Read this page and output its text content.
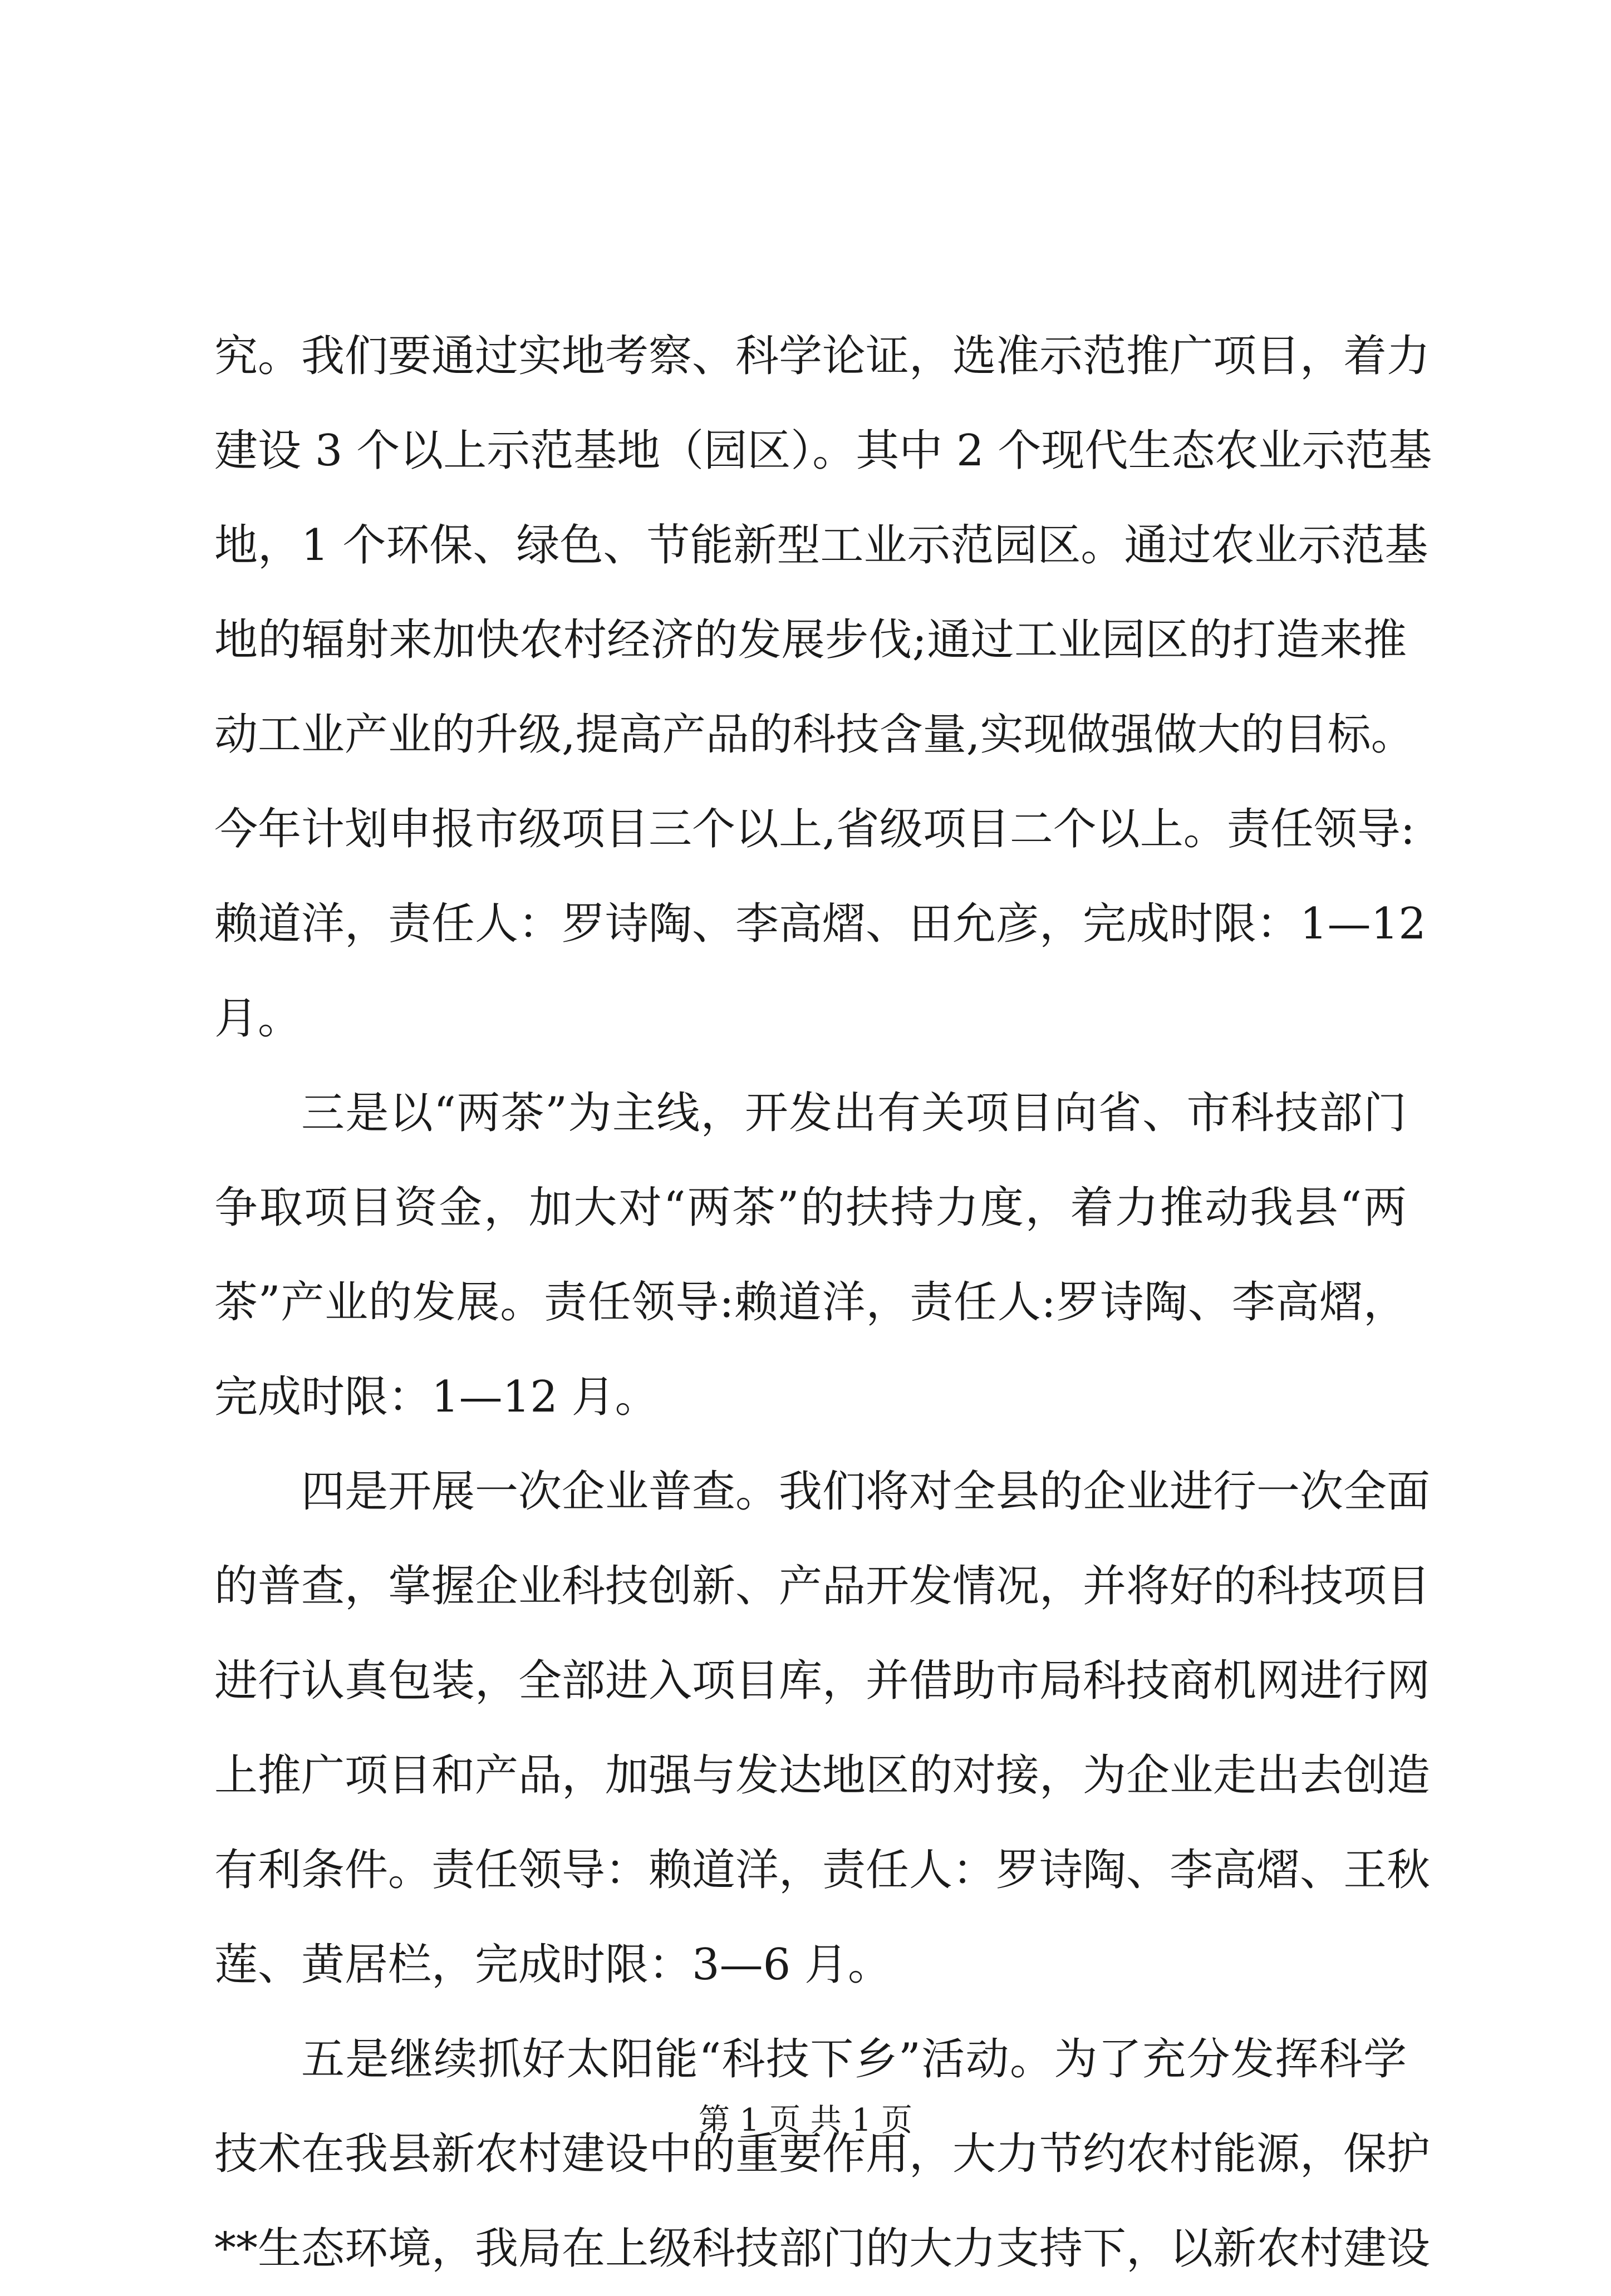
究。我们要通过实地考察、科学论证，选准示范推广项目，着力
建设 3 个以上示范基地（园区）。其中 2 个现代生态农业示范基
地，1 个环保、绿色、节能新型工业示范园区。通过农业示范基
地的辐射来加快农村经济的发展步伐;通过工业园区的打造来推
动工业产业的升级,提高产品的科技含量,实现做强做大的目标。
今年计划申报市级项目三个以上,省级项目二个以上。责任领导:
赖道洋，责任人：罗诗陶、李高熠、田允彦，完成时限：1—12
月。
三是以“两茶”为主线，开发出有关项目向省、市科技部门
争取项目资金，加大对“两茶”的扶持力度，着力推动我县“两
茶”产业的发展。责任领导:赖道洋，责任人:罗诗陶、李高熠，
完成时限：1—12 月。
四是开展一次企业普查。我们将对全县的企业进行一次全面
的普查，掌握企业科技创新、产品开发情况，并将好的科技项目
进行认真包装，全部进入项目库，并借助市局科技商机网进行网
上推广项目和产品，加强与发达地区的对接，为企业走出去创造
有利条件。责任领导：赖道洋，责任人：罗诗陶、李高熠、王秋
莲、黄居栏，完成时限：3—6 月。
五是继续抓好太阳能“科技下乡”活动。为了充分发挥科学
技术在我县新农村建设中的重要作用，大力节约农村能源，保护
**生态环境，我局在上级科技部门的大力支持下，以新农村建设
第 1 页 共 1 页
